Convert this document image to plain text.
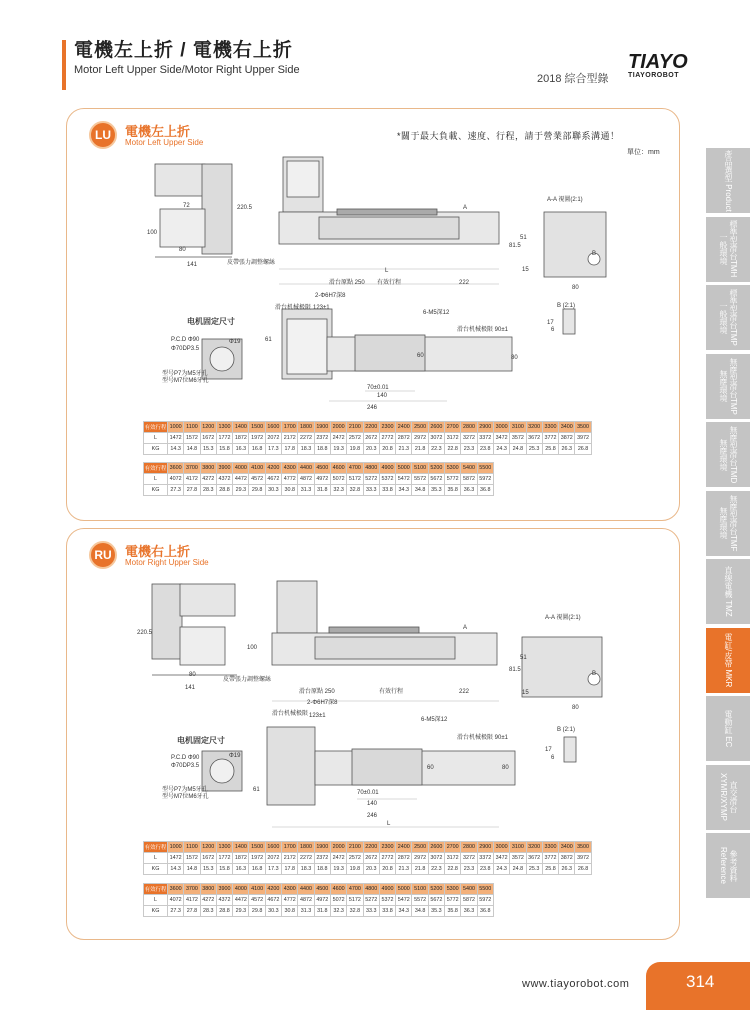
電機左上折 / 電機右上折
Motor Left Upper Side/Motor Right Upper Side
2018 綜合型錄
TIAYO
TIAYOROBOT
LU	電機左上折
Motor Left Upper Side
*關于最大負載、速度、行程，請于營業部聯系溝通！
單位：mm
72
100
80
141
220.5
皮帶張力調整螺絲
L
滑台原點 250 有效行程	222
2-Φ6H7深8
123±1
滑台机械极限
6-M5深12
滑台机械极限 90±1
80
60
61
70±0.01
140
246
A-A 視圖(2:1)
81.5
51
15
80
B (2:1)
17
6
P.C.D Φ90
Φ70DP3.5
Φ19
型号P7为M5牙孔
型号M7位M6牙孔
A
B
电机固定尺寸
有效行程	1000	1100	1200	1300	1400	1500	1600	1700	1800	1900	2000	2100	2200	2300	2400	2500	2600	2700	2800	2900	3000	3100	3200	3300	3400	3500
L	1472	1572	1672	1772	1872	1972	2072	2172	2272	2372	2472	2572	2672	2772	2872	2972	3072	3172	3272	3372	3472	3572	3672	3772	3872	3972
KG	14.3	14.8	15.3	15.8	16.3	16.8	17.3	17.8	18.3	18.8	19.3	19.8	20.3	20.8	21.3	21.8	22.3	22.8	23.3	23.8	24.3	24.8	25.3	25.8	26.3	26.8
有效行程	3600	3700	3800	3900	4000	4100	4200	4300	4400	4500	4600	4700	4800	4900	5000	5100	5200	5300	5400	5500
L	4072	4172	4272	4372	4472	4572	4672	4772	4872	4972	5072	5172	5272	5372	5472	5572	5672	5772	5872	5972
KG	27.3	27.8	28.3	28.8	29.3	29.8	30.3	30.8	31.3	31.8	32.3	32.8	33.3	33.8	34.3	34.8	35.3	35.8	36.3	36.8
RU	電機右上折
Motor Right Upper Side
220.5
80
141
皮帶張力調整螺絲
100
滑台原點 250	有效行程	222
2-Φ6H7深8
123±1
滑台机械极限
6-M5深12
滑台机械极限 90±1
80
60
61	70±0.01
140
246
L
A-A 視圖(2:1)
81.5
51
15
80
B (2:1)
17
6
P.C.D Φ90
Φ70DP3.5
Φ19
型号P7为M5牙孔
型号M7位M6牙孔
A
B
电机固定尺寸
有效行程	1000	1100	1200	1300	1400	1500	1600	1700	1800	1900	2000	2100	2200	2300	2400	2500	2600	2700	2800	2900	3000	3100	3200	3300	3400	3500
L	1472	1572	1672	1772	1872	1972	2072	2172	2272	2372	2472	2572	2672	2772	2872	2972	3072	3172	3272	3372	3472	3572	3672	3772	3872	3972
KG	14.3	14.8	15.3	15.8	16.3	16.8	17.3	17.8	18.3	18.8	19.3	19.8	20.3	20.8	21.3	21.8	22.3	22.8	23.3	23.8	24.3	24.8	25.3	25.8	26.3	26.8
有效行程	3600	3700	3800	3900	4000	4100	4200	4300	4400	4500	4600	4700	4800	4900	5000	5100	5200	5300	5400	5500
L	4072	4172	4272	4372	4472	4572	4672	4772	4872	4972	5072	5172	5272	5372	5472	5572	5672	5772	5872	5972
KG	27.3	27.8	28.3	28.8	29.3	29.8	30.3	30.8	31.3	31.8	32.3	32.8	33.3	33.8	34.3	34.8	35.3	35.8	36.3	36.8
產品選型 Product
標準型滑台TMH 一般環境
標準型滑台TMP 一般環境
無塵型滑台TMP 無塵環境
無塵型滑台TMD 無塵環境
無塵型滑台TMF 無塵環境
直線電機 TMZ
電缸/皮帶 MKR
電動缸 EC
直交滑台 XYMR/XYMP
參考資料 Reference
www.tiayorobot.com	314
